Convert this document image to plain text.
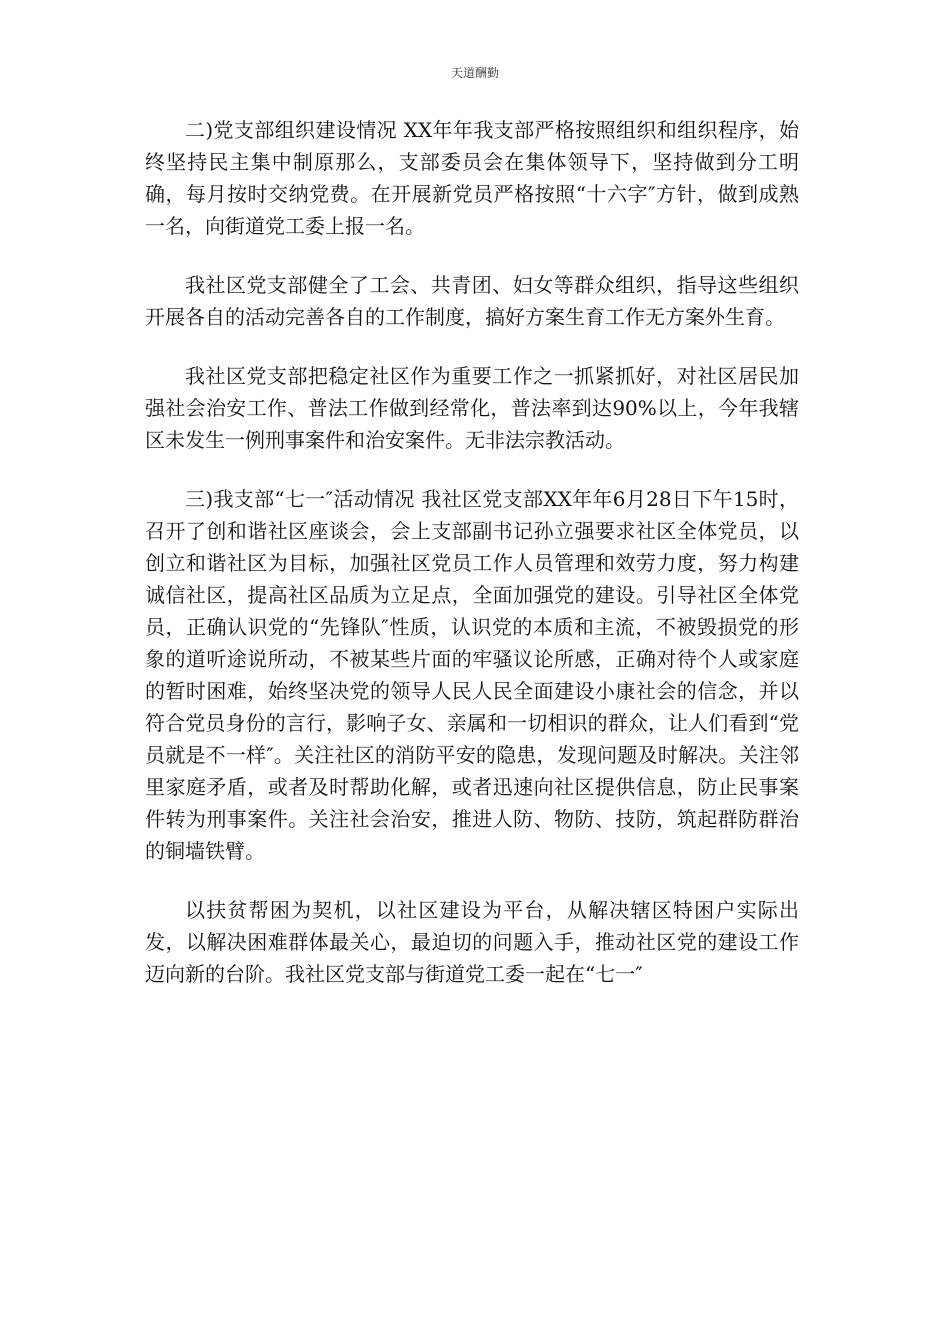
天道酬勤

二)党支部组织建设情况 XX年年我支部严格按照组织和组织程序，始终坚持民主集中制原那么，支部委员会在集体领导下，坚持做到分工明确，每月按时交纳党费。在开展新党员严格按照“十六字″方针，做到成熟一名，向街道党工委上报一名。

我社区党支部健全了工会、共青团、妇女等群众组织，指导这些组织开展各自的活动完善各自的工作制度，搞好方案生育工作无方案外生育。

我社区党支部把稳定社区作为重要工作之一抓紧抓好，对社区居民加强社会治安工作、普法工作做到经常化，普法率到达90%以上，今年我辖区未发生一例刑事案件和治安案件。无非法宗教活动。

三)我支部“七一″活动情况 我社区党支部XX年年6月28日下午15时，召开了创和谐社区座谈会，会上支部副书记孙立强要求社区全体党员，以创立和谐社区为目标，加强社区党员工作人员管理和效劳力度，努力构建诚信社区，提高社区品质为立足点，全面加强党的建设。引导社区全体党员，正确认识党的“先锋队″性质，认识党的本质和主流，不被毁损党的形象的道听途说所动，不被某些片面的牢骚议论所感，正确对待个人或家庭的暂时困难，始终坚决党的领导人民人民全面建设小康社会的信念，并以符合党员身份的言行，影响子女、亲属和一切相识的群众，让人们看到“党员就是不一样″。关注社区的消防平安的隐患，发现问题及时解决。关注邻里家庭矛盾，或者及时帮助化解，或者迅速向社区提供信息，防止民事案件转为刑事案件。关注社会治安，推进人防、物防、技防，筑起群防群治的铜墙铁臂。

以扶贫帮困为契机，以社区建设为平台，从解决辖区特困户实际出发，以解决困难群体最关心，最迫切的问题入手，推动社区党的建设工作迈向新的台阶。我社区党支部与街道党工委一起在“七一″
